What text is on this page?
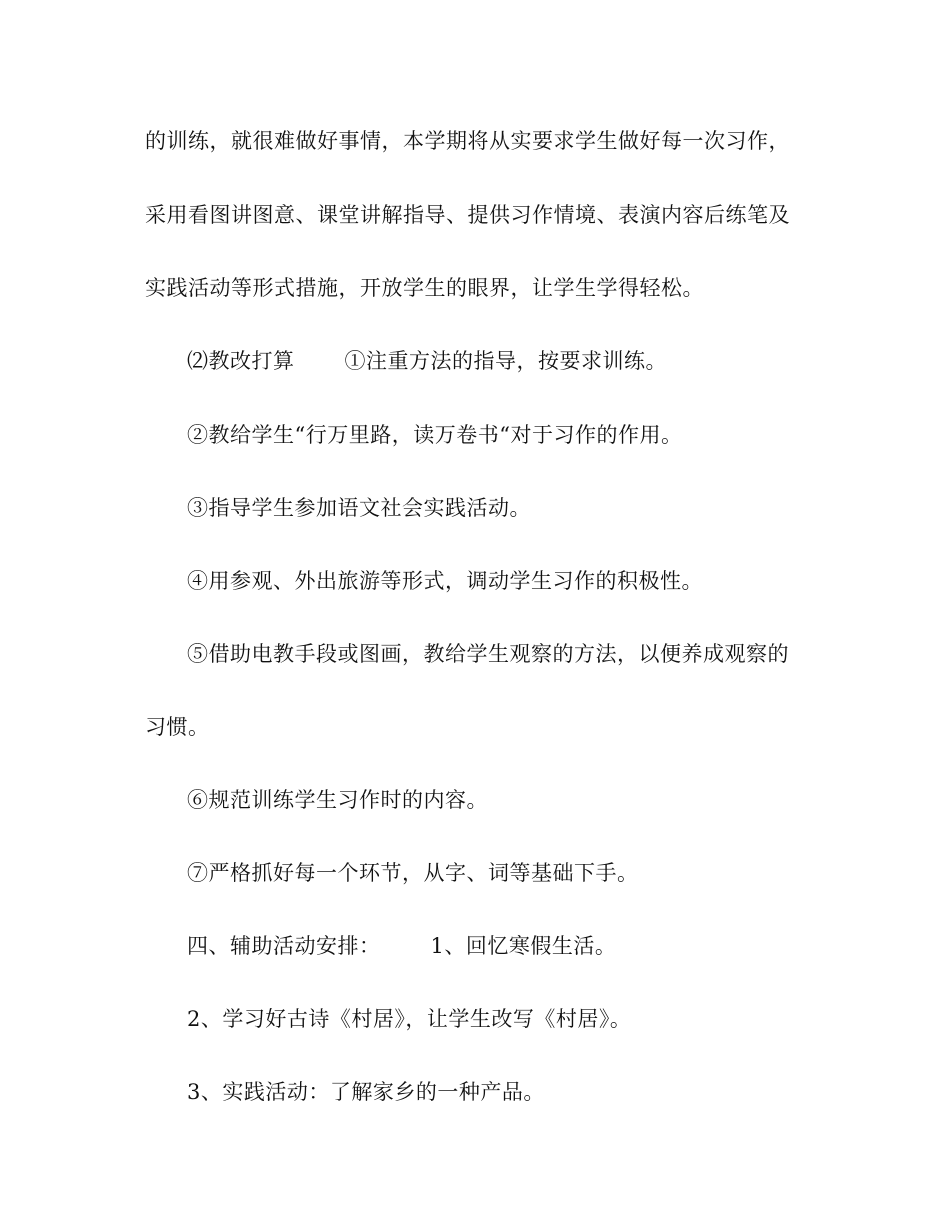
的训练，就很难做好事情，本学期将从实要求学生做好每一次习作，
采用看图讲图意、课堂讲解指导、提供习作情境、表演内容后练笔及
实践活动等形式措施，开放学生的眼界，让学生学得轻松。
⑵教改打算 ①注重方法的指导，按要求训练。
②教给学生“行万里路，读万卷书“对于习作的作用。
③指导学生参加语文社会实践活动。
④用参观、外出旅游等形式，调动学生习作的积极性。
⑤借助电教手段或图画，教给学生观察的方法，以便养成观察的
习惯。
⑥规范训练学生习作时的内容。
⑦严格抓好每一个环节，从字、词等基础下手。
四、辅助活动安排： 1、回忆寒假生活。
2、学习好古诗《村居》，让学生改写《村居》。
3、实践活动：了解家乡的一种产品。
